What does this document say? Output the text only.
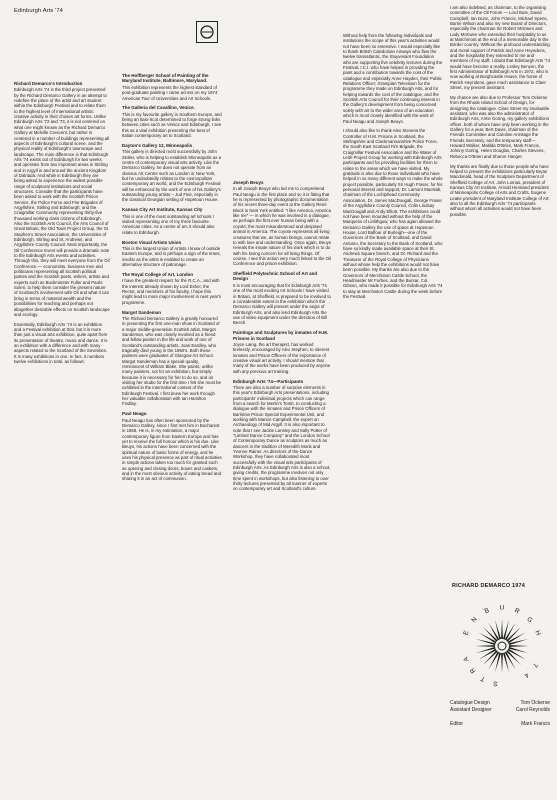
Edinburgh Arts '74
Richard Demarco's Introduction

Edinburgh Arts '74 is the third project presented by the Richard Demarco Gallery in an attempt to redefine the place of the artist and art student within the Edinburgh Festival and to relate them to the highest level of international artistic creative activity in their chosen art forms. Unlike Edinburgh Arts '72 and '73, it is not centered on what one might known as the Richard Demarco Gallery at Melville Crescent, but rather is centered in a number of buildings representing all aspects of Edinburgh's cultural scene, and the physical reality of Edinburgh's townscape and landscape. The main difference is that Edinburgh Arts '74 exists out of Edinburgh for two weeks and operates from two important areas in Stirling and in Argyll in and around the ancient Kingdom of Dalriada. And while in Edinburgh they are being asked to experience the widest possible range of sculptural institutions and social structures. Consider that the participants have been asked to work with the Scottish Prison Service, the Police Force and Fire Brigades of Argyllshire, Stirling and Edinburgh; and the Craigmillar Community representing thirty-five thousand working class citizens of Edinburgh. Also the Scottish Arts Council, the Arts Council of Great Britain, the Old Town Project Group, the St. Stephen's Street Association, the Universities of Edinburgh, Stirling and St. Andrews, and Argyllshire County Council. Most importantly, the Oil Conference Event will provide a dramatic note to the Edinburgh Arts events and activities. Through this, they will meet everyone from the Oil Conference — economists, business men and politicians representing all Scottish political parties and the Scottish poets, writers, artists and experts such as Buckminster Fuller and Paolo Soleri, to help them consider the present nature of Scotland's involvement with Oil and what it can bring in terms of material wealth and the possibilities for reaching and perhaps not altogether desirable effects on Scottish landscape and ecology.

Essentially, Edinburgh Arts '74 is an exhibition and a Festival exhibition at that, but it is more than just a visual arts exhibition, quite apart from its presentation of theatre, music and dance. It is an exhibition with a difference and with many aspects related to the Scotland of the Seventies. It is many exhibitions in one. In fact, it numbers twelve exhibitions in total, as follows:

The Hoffberger School of Painting of the Maryland Institute, Baltimore, Maryland.

This exhibition represents the highest standard of post-graduate painting I came across on my 1974 American Tour of Universities and Art Schools.

The Galleria del Cavallino, Venice.

This is my favourite gallery in Southern Europe, and being an Italo-Scot determined to forge strong links between cities such as Venice and Edinburgh, I see this as a vital exhibition presenting the best of Italian contemporary art to Scotland.

Dayton's Gallery 12, Minneapolis

This gallery is directed most successfully by John Stoller, who is helping to establish Minneapolis as a centre of contemporary visual arts activity. Like the Demarco Gallery, he does not operate from an obvious Art Centre such as London or New York, but he undoubtedly relates to the cosmopolitan contemporary art world, and the Edinburgh Festival will be enhanced by the work of one of his Gallery's outstanding young artists – Jud Fine, especially in the classical Georgian setting of Hopetoun House.

Kansas City Art Institute, Kansas City

This is one of the most outstanding art schools I visited representing one of my three favourite American cities. As a centre of art, it should also relate to Edinburgh.

Boston Visual Artists Union

This is the largest Union of Artists I know of outside Eastern Europe, and is perhaps a sign of the times, insofar as the artist is enabled to create an alternative structure of patronage.

The Royal College of Art, London

I have the greatest respect for the R.C.A., and with the interest already shown by Lord Esher, the Rector, and members of his faculty, I hope this might lead to more major involvement in next year's programme.

Margot Sandeman

The Richard Demarco Gallery is greatly honoured in presenting the first one-man show in Scotland of a major middle-generation Scottish artist, Margot Sandeman, who was closely involved as a friend and fellow painter in the life and work of one of Scotland's outstanding artists, Joan Eardley, who tragically died young in the 1960's. Both these painters were graduates of Glasgow Art School. Margot Sandeman has a special quality, reminiscent of William Blake. She paints, unlike many painters, not for an exhibition, but simply because it is necessary for her to do so, and on visiting her studio for the first time I felt she must be exhibited in the international context of the Edinburgh Festival. I first knew her work through her valuable collaboration with Ian Hamilton Findlay.

Paul Neagu

Paul Neagu has often been sponsored by the Demarco Gallery, since I first met him in Bucharest in 1968. He is, in my estimation, a major contemporary figure from Eastern Europe and has yet to receive the full honour which is his due. Like Beuys, his actions have been concerned with the spiritual nature of basic forms of energy, and he uses his physical presence as part of ritual activities in simple actions taken too much for granted such as opening and closing doors, boxes and caskets, and in the most obvious activity of eating bread and sharing it in an act of communion.

Joseph Beuys

In all Joseph Beuys who led me to comprehend Paul Neagu in the first place and so it is fitting that he is represented by photographic documentation of his recent three-day event at the Gallery René Block in New York entitled: "I like America, America like me" — in which he was involved in a dialogue, as perhaps the first ever human being with a coyote, the most misunderstood and despised animal in America. The coyote represents all living creatures that we, as human beings, cannot relate to with love and understanding. Once again, Beuys reveals the innate nature of his work which is to do with his loving concern for all living things. Of course, I see this action very much linked to the Oil Conference and prison exhibition.

Sheffield Polytechnic School of Art and Design

It is most encouraging that for Edinburgh Arts '74 one of the most exciting Art Schools I have visited in Britain, at Sheffield, is prepared to be involved to a considerable extent in the exhibition which the Demarco Gallery will present under the aegis of Edinburgh Arts, and also lend Edinburgh Arts the use of video equipment under the direction of Bill Beech.

Paintings and Sculptures by inmates of H.M. Prisons in Scotland

Joyce Laing, the art therapist, has worked tirelessly, encouraged by Alex Stephen, to interest inmates and Prison Officers of the importance of creative visual art activity. I should mention that many of the works have been produced by anyone with any previous art training.

Edinburgh Arts '74—Participants

There are also a number of surprise elements in this year's Edinburgh Arts presentations, including participants' individual projects which can range from a search for Merlin's Tomb, to conducting a dialogue with the inmates and Prison Officers of Barlinnie Prison Special Experimental Unit, and working with Marion Campbell, the expert on Archaeology of Mid Argyll. It is also important to note that I see Jackie Lansley and Sally Potter of "Limited Dance Company" and the London School of Contemporary Dance as sculptors as much as dancers in the tradition of Meredith Monk and Yvonne Rainer. As directors of the Dance Workshop, they have collaborated most successfully with the visual arts participants of Edinburgh Arts. As Edinburgh Arts is also a school, giving credits, the programme involves not only time spent in workshops, but also listening to over thirty lectures presented by all manner of experts on contemporary art and Scotland's culture.

Without help from the following individuals and institutions the scope of this year's activities would not have been so extensive. I would especially like to thank British Caledonian Airways who flew the twelve transatlantic, the Stuyvesant Foundation who are supporting five celebrity lectures during the Festival, I.C.I. who have helped in providing the paint and a contribution towards the cost of the catalogue and especially Anne Hayden, their Public Relations Officer; Grampian Television for the programme they made on Edinburgh Arts, and for helping towards the cost of the catalogue, and the Scottish Arts Council for their continuing interest in the Gallery's development from being concerned solely with art to the wider area of an education which is most closely identified with the work of Paul Neagu and Joseph Beuys.

I should also like to thank Alex Stevens the Controller of H.M. Prisons in Scotland, the Stirlingshire and Clackmannanshire Police Force, the South East Scotland Fire Brigade, the Craigmillar Festival Association and the Water of Leith Project Group for working with Edinburgh Arts participants and for providing facilities for them to relate to the areas which we have visited. My gratitude is also due to those individuals who have helped in so many different ways to make the whole project possible, particularly Sir Hugh Fraser, for his personal interest and support, Dr. Lamont MacNab, chairman of the Lochiphead Community Association, Dr. James MacDougall, George Fraser of the Argyllshire County Council, Colin Lindsay MacDougall and Andy Elliott. The exhibitions could not have been mounted without the help of the Marquess of Linlithgow, who has again allowed the Demarco Gallery the use of space at Hopetoun House, Lord Balfour of Burleigh—one of the Governors of the Bank of Scotland, and David Antonio, the Secretary to the Bank of Scotland, who have so kindly made available space at their St. Andrews Square branch, and Dr. Richard and the Treasurer of the Royal College of Physicians without whose help the exhibitions would not have been possible. My thanks are also due to the Governors of Merchiston Castle School, the Headmaster Mr Forbes, and the Bursar, Col. Gibson, who made it possible for Edinburgh Arts '74 to stay at Merchiston Castle during the week before the Festival.

I am also indebted, as chairman, to the organising committee of the Oil Forum — Lord Bute, David Campbell, Ian Dunn, John Francis, Michael Spens, Barrie Wilson and also my new Board of Directors, especially the chairman Sir Robert McEwen and Lady McEwen who extended their hospitality to us at Marchmont at the end of a memorable day in the Border country. Without the profound understanding and moral support of Patrick and Anne Heyndens, and the hospitality they extended to me and members of my staff, I doubt that Edinburgh Arts '74 would have become a reality. Lesley Benyon, the first Administrator of Edinburgh Arts in 1972, who is now working at Burghcastle House, the home of Patrick Heyndens, gave much assistance to Clare Street, my present assistant.

My chance are also due to Professor Tom Ockeme from the Rhode Island School of Design, for designing the catalogue. Clare Street my invaluable assistant, who was also the administrator of Edinburgh Arts, Anne Goring, my gallery exhibitions officer, both of whom have only been working in the Gallery for a year, Bert Davis, chairman of the Friends Committee and Caroline Armitage the Friends Secretary, and the temporary staff—Howard Walker, Matilda O'Brien, Mark Francis, Johnny Goring, Helen Douglas, Charles Stevens, Rebecca O'Brien and Sharon Hanger.

My thanks are finally due to those people who have helped to present the exhibitions particularly Bryan Macdonald, head of the Sculpture Department of Sheffield College of Art, John Lomas, president of Kansas City Art Institute, Arnold Herstand president of Minneapolis College of Arts and Crafts, Eugene Leake president of Maryland Institute College of Art; also to all the Edinburgh Arts '74 participants without whom all activities would not have been possible.

RICHARD DEMARCO 1974
E
N
B U R
G
H
A
R
T
S
7
4
Catalogue Design	Tom Ockerse
Assistant Designer	Carol Reynolds
Editor	Mark Francis
